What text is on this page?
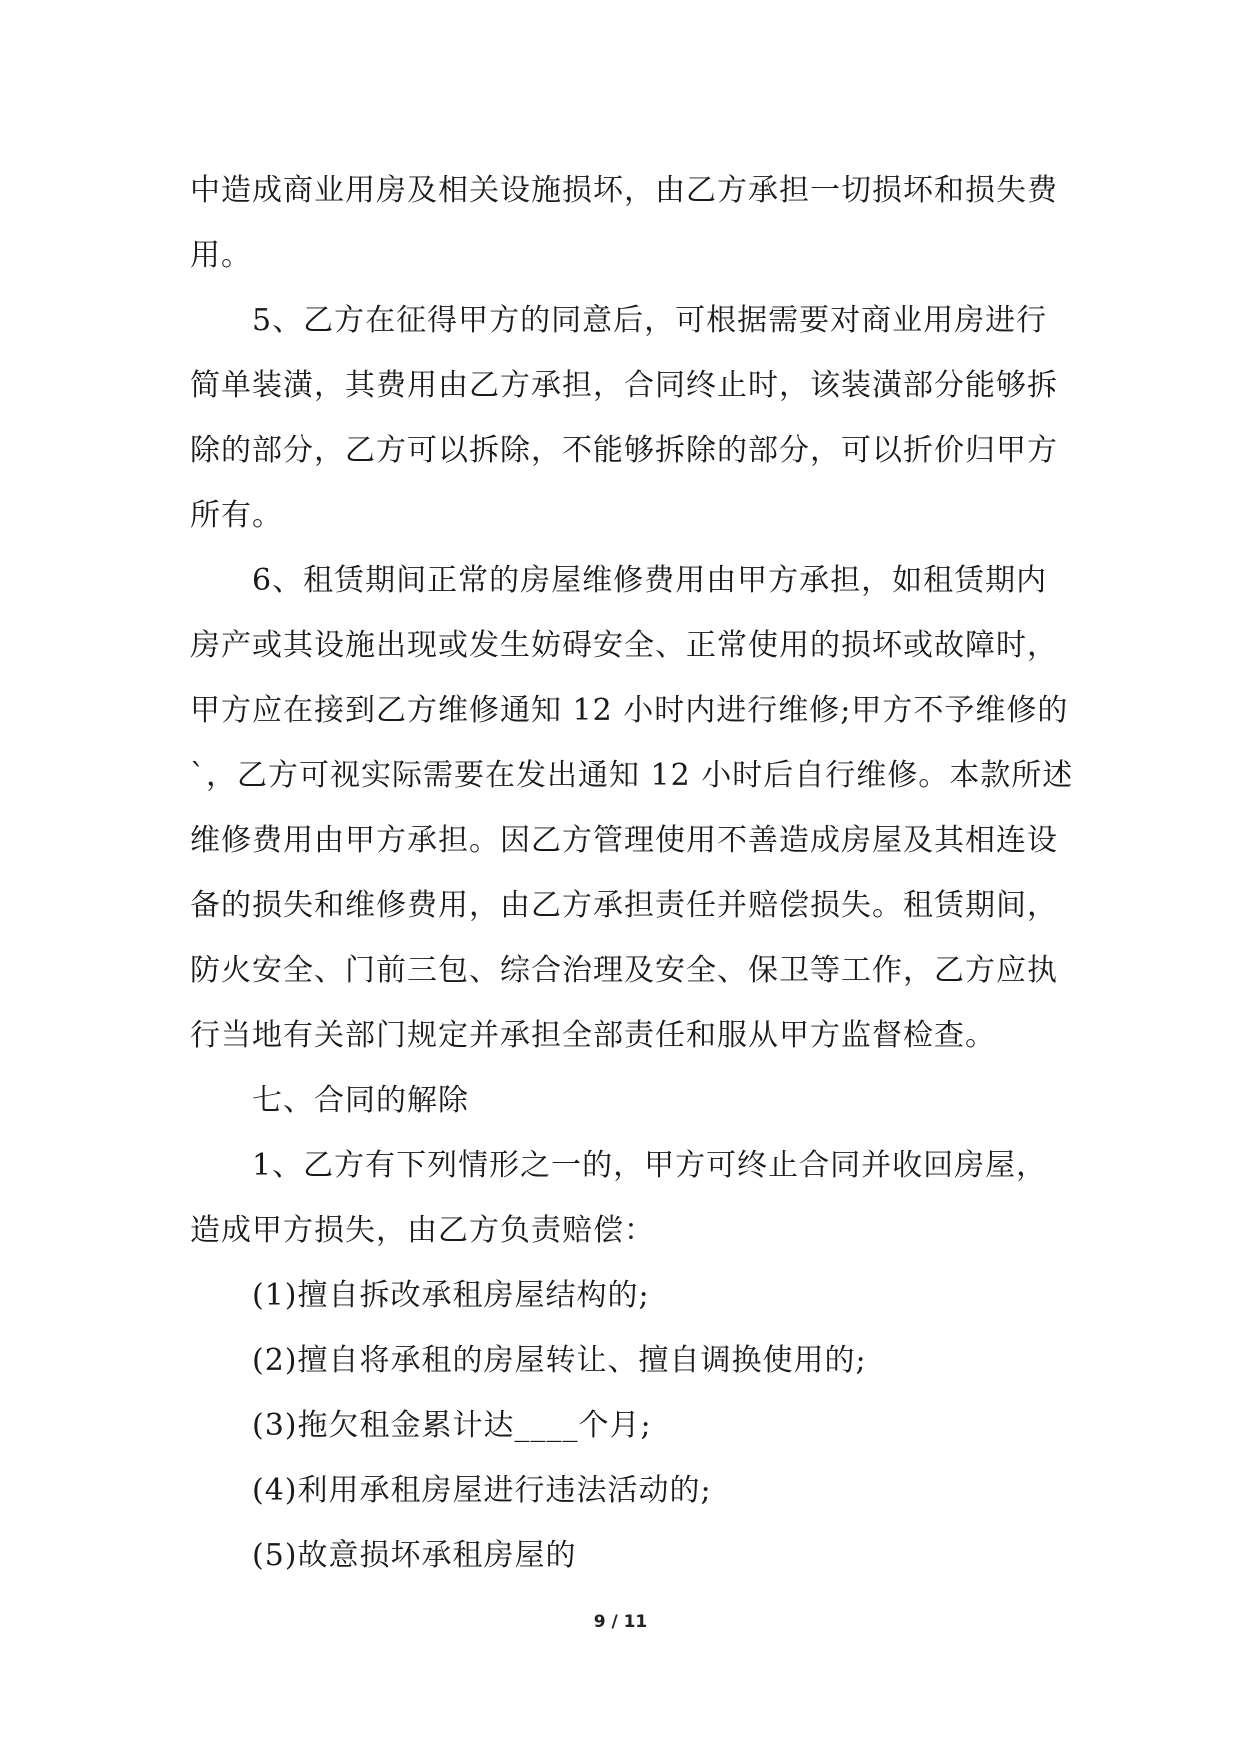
中造成商业用房及相关设施损坏，由乙方承担一切损坏和损失费
用。
5、乙方在征得甲方的同意后，可根据需要对商业用房进行
简单装潢，其费用由乙方承担，合同终止时，该装潢部分能够拆
除的部分，乙方可以拆除，不能够拆除的部分，可以折价归甲方
所有。
6、租赁期间正常的房屋维修费用由甲方承担，如租赁期内
房产或其设施出现或发生妨碍安全、正常使用的损坏或故障时，
甲方应在接到乙方维修通知 12 小时内进行维修;甲方不予维修的
`，乙方可视实际需要在发出通知 12 小时后自行维修。本款所述
维修费用由甲方承担。因乙方管理使用不善造成房屋及其相连设
备的损失和维修费用，由乙方承担责任并赔偿损失。租赁期间，
防火安全、门前三包、综合治理及安全、保卫等工作，乙方应执
行当地有关部门规定并承担全部责任和服从甲方监督检查。
七、合同的解除
1、乙方有下列情形之一的，甲方可终止合同并收回房屋，
造成甲方损失，由乙方负责赔偿：
(1)擅自拆改承租房屋结构的;
(2)擅自将承租的房屋转让、擅自调换使用的;
(3)拖欠租金累计达____个月;
(4)利用承租房屋进行违法活动的;
(5)故意损坏承租房屋的
9 / 11
